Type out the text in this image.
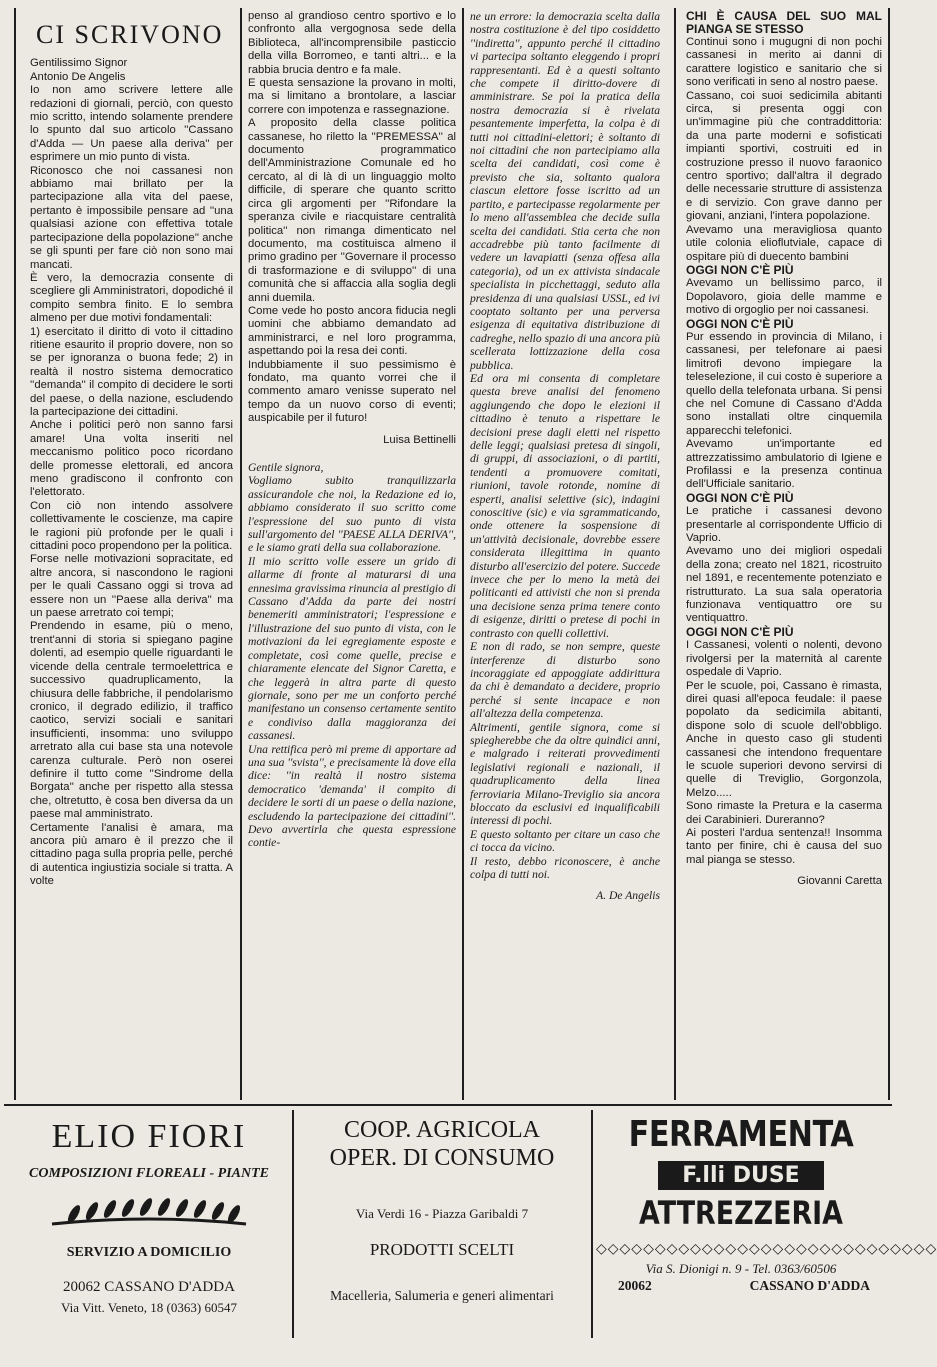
CI SCRIVONO

Gentilissimo Signor

Antonio De Angelis

Io non amo scrivere lettere alle redazioni di giornali, perciò, con questo mio scritto, intendo solamente prendere lo spunto dal suo articolo ''Cassano d'Adda — Un paese alla deriva'' per esprimere un mio punto di vista.

Riconosco che noi cassanesi non abbiamo mai brillato per la partecipazione alla vita del paese, pertanto è impossibile pensare ad ''una qualsiasi azione con effettiva totale partecipazione della popolazione'' anche se gli spunti per fare ciò non sono mai mancati.

È vero, la democrazia consente di scegliere gli Amministratori, dopodiché il compito sembra finito. E lo sembra almeno per due motivi fondamentali:

1) esercitato il diritto di voto il cittadino ritiene esaurito il proprio dovere, non so se per ignoranza o buona fede; 2) in realtà il nostro sistema democratico ''demanda'' il compito di decidere le sorti del paese, o della nazione, escludendo la partecipazione dei cittadini.

Anche i politici però non sanno farsi amare! Una volta inseriti nel meccanismo politico poco ricordano delle promesse elettorali, ed ancora meno gradiscono il confronto con l'elettorato.

Con ciò non intendo assolvere collettivamente le coscienze, ma capire le ragioni più profonde per le quali i cittadini poco propendono per la politica.

Forse nelle motivazioni sopracitate, ed altre ancora, si nascondono le ragioni per le quali Cassano oggi si trova ad essere non un ''Paese alla deriva'' ma un paese arretrato coi tempi;

Prendendo in esame, più o meno, trent'anni di storia si spiegano pagine dolenti, ad esempio quelle riguardanti le vicende della centrale termoelettrica e successivo quadruplicamento, la chiusura delle fabbriche, il pendolarismo cronico, il degrado edilizio, il traffico caotico, servizi sociali e sanitari insufficienti, insomma: uno sviluppo arretrato alla cui base sta una notevole carenza culturale. Però non oserei definire il tutto come ''Sindrome della Borgata'' anche per rispetto alla stessa che, oltretutto, è cosa ben diversa da un paese mal amministrato.

Certamente l'analisi è amara, ma ancora più amaro è il prezzo che il cittadino paga sulla propria pelle, perché di autentica ingiustizia sociale si tratta. A volte

penso al grandioso centro sportivo e lo confronto alla vergognosa sede della Biblioteca, all'incomprensibile pasticcio della villa Borromeo, e tanti altri... e la rabbia brucia dentro e fa male.

E questa sensazione la provano in molti, ma si limitano a brontolare, a lasciar correre con impotenza e rassegnazione.

A proposito della classe politica cassanese, ho riletto la ''PREMESSA'' al documento programmatico dell'Amministrazione Comunale ed ho cercato, al di là di un linguaggio molto difficile, di sperare che quanto scritto circa gli argomenti per ''Rifondare la speranza civile e riacquistare centralità politica'' non rimanga dimenticato nel documento, ma costituisca almeno il primo gradino per ''Governare il processo di trasformazione e di sviluppo'' di una comunità che si affaccia alla soglia degli anni duemila.

Come vede ho posto ancora fiducia negli uomini che abbiamo demandato ad amministrarci, e nel loro programma, aspettando poi la resa dei conti.

Indubbiamente il suo pessimismo è fondato, ma quanto vorrei che il commento amaro venisse superato nel tempo da un nuovo corso di eventi; auspicabile per il futuro!

Luisa Bettinelli

Gentile signora,

Vogliamo subito tranquilizzarla assicurandole che noi, la Redazione ed io, abbiamo considerato il suo scritto come l'espressione del suo punto di vista sull'argomento del ''PAESE ALLA DERIVA'', e le siamo grati della sua collaborazione.

Il mio scritto volle essere un grido di allarme di fronte al maturarsi di una ennesima gravissima rinuncia al prestigio di Cassano d'Adda da parte dei nostri benemeriti amministratori; l'espressione e l'illustrazione del suo punto di vista, con le motivazioni da lei egregiamente esposte e completate, così come quelle, precise e chiaramente elencate del Signor Caretta, e che leggerà in altra parte di questo giornale, sono per me un conforto perché manifestano un consenso certamente sentito e condiviso dalla maggioranza dei cassanesi.

Una rettifica però mi preme di apportare ad una sua ''svista'', e precisamente là dove ella dice: ''in realtà il nostro sistema democratico 'demanda' il compito di decidere le sorti di un paese o della nazione, escludendo la partecipazione dei cittadini''. Devo avvertirla che questa espressione contie-

ne un errore: la democrazia scelta dalla nostra costituzione è del tipo cosiddetto ''indiretta'', appunto perché il cittadino vi partecipa soltanto eleggendo i propri rappresentanti. Ed è a questi soltanto che compete il diritto-dovere di amministrare. Se poi la pratica della nostra democrazia si è rivelata pesantemente imperfetta, la colpa è di tutti noi cittadini-elettori; è soltanto di noi cittadini che non partecipiamo alla scelta dei candidati, così come è previsto che sia, soltanto qualora ciascun elettore fosse iscritto ad un partito, e partecipasse regolarmente per lo meno all'assemblea che decide sulla scelta dei candidati. Stia certa che non accadrebbe più tanto facilmente di vedere un lavapiatti (senza offesa alla categoria), od un ex attivista sindacale specialista in picchettaggi, seduto alla presidenza di una qualsiasi USSL, ed ivi cooptato soltanto per una perversa esigenza di equitativa distribuzione di cadreghe, nello spazio di una ancora più scellerata lottizzazione della cosa pubblica.

Ed ora mi consenta di completare questa breve analisi del fenomeno aggiungendo che dopo le elezioni il cittadino è tenuto a rispettare le decisioni prese dagli eletti nel rispetto delle leggi; qualsiasi pretesa di singoli, di gruppi, di associazioni, o di partiti, tendenti a promuovere comitati, riunioni, tavole rotonde, nomine di esperti, analisi selettive (sic), indagini conoscitive (sic) e via sgrammaticando, onde ottenere la sospensione di un'attività decisionale, dovrebbe essere considerata illegittima in quanto disturbo all'esercizio del potere. Succede invece che per lo meno la metà dei politicanti ed attivisti che non si prenda una decisione senza prima tenere conto di esigenze, diritti o pretese di pochi in contrasto con quelli collettivi.

E non di rado, se non sempre, queste interferenze di disturbo sono incoraggiate ed appoggiate addirittura da chi è demandato a decidere, proprio perché si sente incapace e non all'altezza della competenza.

Altrimenti, gentile signora, come si spiegherebbe che da oltre quindici anni, e malgrado i reiterati provvedimenti legislativi regionali e nazionali, il quadruplicamento della linea ferroviaria Milano-Treviglio sia ancora bloccato da esclusivi ed inqualificabili interessi di pochi.

E questo soltanto per citare un caso che ci tocca da vicino.

Il resto, debbo riconoscere, è anche colpa di tutti noi.

A. De Angelis

CHI È CAUSA DEL SUO MAL PIANGA SE STESSO

Continui sono i mugugni di non pochi cassanesi in merito ai danni di carattere logistico e sanitario che si sono verificati in seno al nostro paese.

Cassano, coi suoi sedicimila abitanti circa, si presenta oggi con un'immagine più che contraddittoria: da una parte moderni e sofisticati impianti sportivi, costruiti ed in costruzione presso il nuovo faraonico centro sportivo; dall'altra il degrado delle necessarie strutture di assistenza e di servizio. Con grave danno per giovani, anziani, l'intera popolazione.

Avevamo una meravigliosa quanto utile colonia elioflutviale, capace di ospitare più di duecento bambini

OGGI NON C'È PIÙ

Avevamo un bellissimo parco, il Dopolavoro, gioia delle mamme e motivo di orgoglio per noi cassanesi.

OGGI NON C'È PIÙ

Pur essendo in provincia di Milano, i cassanesi, per telefonare ai paesi limitrofi devono impiegare la teleselezione, il cui costo è superiore a quello della telefonata urbana. Si pensi che nel Comune di Cassano d'Adda sono installati oltre cinquemila apparecchi telefonici.

Avevamo un'importante ed attrezzatissimo ambulatorio di Igiene e Profilassi e la presenza continua dell'Ufficiale sanitario.

OGGI NON C'È PIÙ

Le pratiche i cassanesi devono presentarle al corrispondente Ufficio di Vaprio.

Avevamo uno dei migliori ospedali della zona; creato nel 1821, ricostruito nel 1891, e recentemente potenziato e ristrutturato. La sua sala operatoria funzionava ventiquattro ore su ventiquattro.

OGGI NON C'È PIÙ

I Cassanesi, volenti o nolenti, devono rivolgersi per la maternità al carente ospedale di Vaprio.

Per le scuole, poi, Cassano è rimasta, direi quasi all'epoca feudale: il paese popolato da sedicimila abitanti, dispone solo di scuole dell'obbligo. Anche in questo caso gli studenti cassanesi che intendono frequentare le scuole superiori devono servirsi di quelle di Treviglio, Gorgonzola, Melzo.....

Sono rimaste la Pretura e la caserma dei Carabinieri. Dureranno?

Ai posteri l'ardua sentenza!! Insomma tanto per finire, chi è causa del suo mal pianga se stesso.

Giovanni Caretta

ELIO FIORI
COMPOSIZIONI FLOREALI - PIANTE
SERVIZIO A DOMICILIO
20062 CASSANO D'ADDA
Via Vitt. Veneto, 18 (0363) 60547
COOP. AGRICOLA
OPER. DI CONSUMO
Via Verdi 16 - Piazza Garibaldi 7
PRODOTTI SCELTI
Macelleria, Salumeria e generi alimentari
FERRAMENTA
F.lli DUSE
ATTREZZERIA
◇◇◇◇◇◇◇◇◇◇◇◇◇◇◇◇◇◇◇◇◇◇◇◇◇◇◇◇◇
Via S. Dionigi n. 9 - Tel. 0363/60506
20062	CASSANO D'ADDA
